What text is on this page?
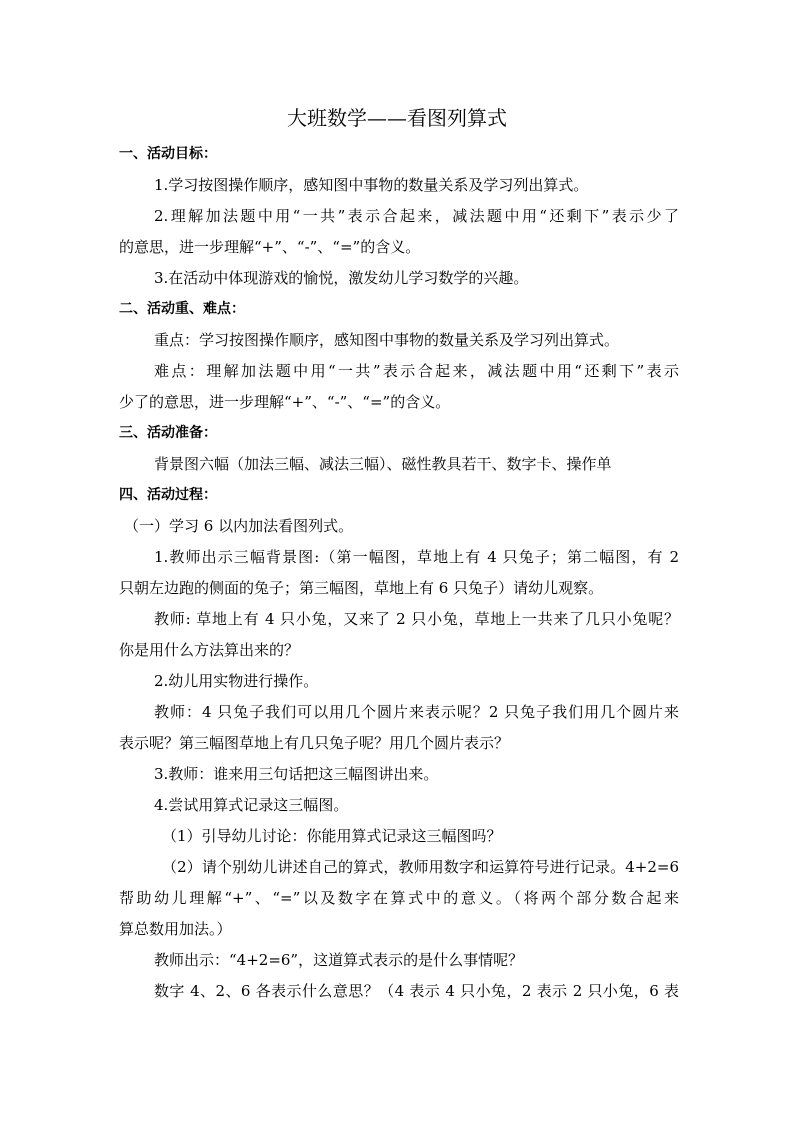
大班数学——看图列算式
一、活动目标：
1.学习按图操作顺序，感知图中事物的数量关系及学习列出算式。
2.理解加法题中用“一共”表示合起来，减法题中用“还剩下”表示少了
的意思，进一步理解“+”、“-”、“=”的含义。
3.在活动中体现游戏的愉悦，激发幼儿学习数学的兴趣。
二、活动重、难点：
重点：学习按图操作顺序，感知图中事物的数量关系及学习列出算式。
难点：理解加法题中用“一共”表示合起来，减法题中用“还剩下”表示
少了的意思，进一步理解“+”、“-”、“=”的含义。
三、活动准备：
背景图六幅（加法三幅、减法三幅）、磁性教具若干、数字卡、操作单
四、活动过程：
（一）学习 6 以内加法看图列式。
1.教师出示三幅背景图:（第一幅图，草地上有 4 只兔子；第二幅图，有 2
只朝左边跑的侧面的兔子；第三幅图，草地上有 6 只兔子）请幼儿观察。
教师: 草地上有 4 只小兔，又来了 2 只小兔，草地上一共来了几只小兔呢？
你是用什么方法算出来的？
2.幼儿用实物进行操作。
教师：4 只兔子我们可以用几个圆片来表示呢？2 只兔子我们用几个圆片来
表示呢？第三幅图草地上有几只兔子呢？用几个圆片表示？
3.教师：谁来用三句话把这三幅图讲出来。
4.尝试用算式记录这三幅图。
（1）引导幼儿讨论：你能用算式记录这三幅图吗？
（2）请个别幼儿讲述自己的算式，教师用数字和运算符号进行记录。4+2=6
帮助幼儿理解“+”、“=”以及数字在算式中的意义。（将两个部分数合起来
算总数用加法。）
教师出示：“4+2=6”，这道算式表示的是什么事情呢？
数字 4、2、6 各表示什么意思？（4 表示 4 只小兔，2 表示 2 只小兔，6 表
